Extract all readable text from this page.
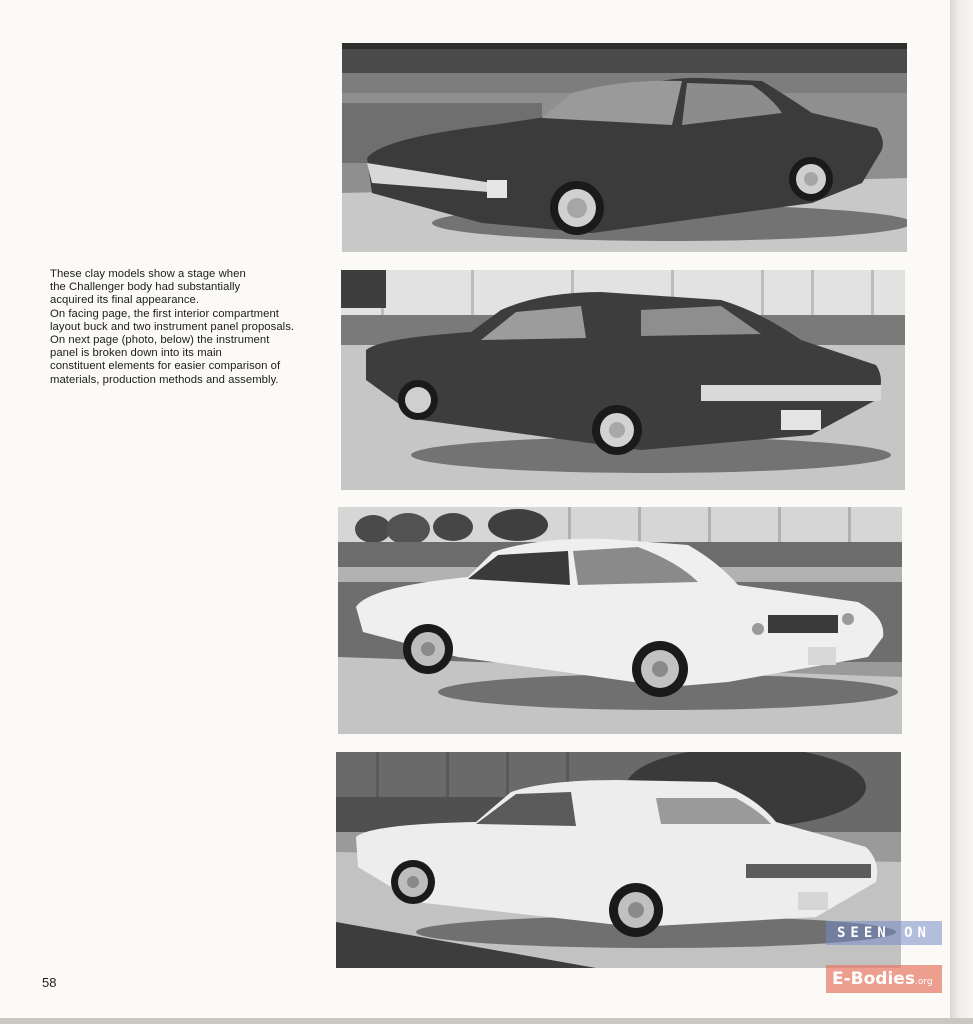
These clay models show a stage when
the Challenger body had substantially
acquired its final appearance.
On facing page, the first interior compartment
layout buck and two instrument panel proposals.
On next page (photo, below) the instrument
panel is broken down into its main
constituent elements for easier comparison of
materials, production methods and assembly.
SEEN ON
E-Bodies.org
58
